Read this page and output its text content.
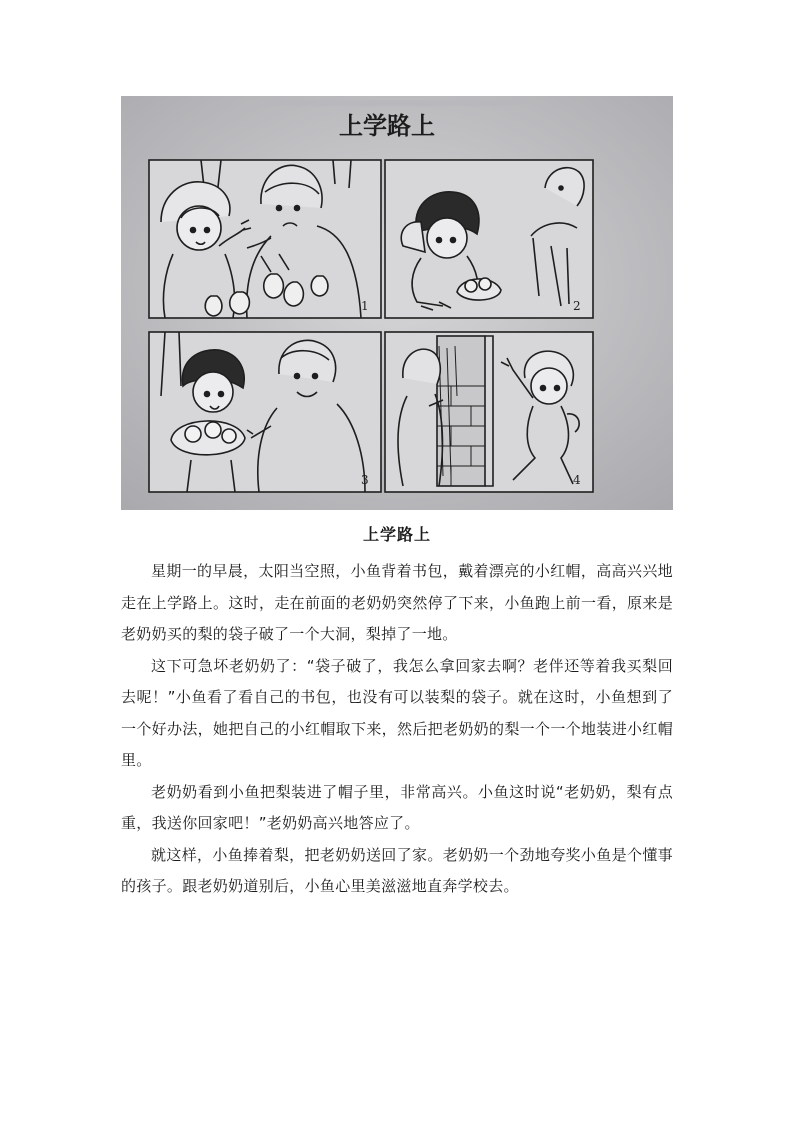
上学路上
1	2
3	4
上学路上

星期一的早晨，太阳当空照，小鱼背着书包，戴着漂亮的小红帽，高高兴兴地走在上学路上。这时，走在前面的老奶奶突然停了下来，小鱼跑上前一看，原来是老奶奶买的梨的袋子破了一个大洞，梨掉了一地。

这下可急坏老奶奶了：“袋子破了，我怎么拿回家去啊？老伴还等着我买梨回去呢！”小鱼看了看自己的书包，也没有可以装梨的袋子。就在这时，小鱼想到了一个好办法，她把自己的小红帽取下来，然后把老奶奶的梨一个一个地装进小红帽里。

老奶奶看到小鱼把梨装进了帽子里，非常高兴。小鱼这时说“老奶奶，梨有点重，我送你回家吧！”老奶奶高兴地答应了。

就这样，小鱼捧着梨，把老奶奶送回了家。老奶奶一个劲地夸奖小鱼是个懂事的孩子。跟老奶奶道别后，小鱼心里美滋滋地直奔学校去。
